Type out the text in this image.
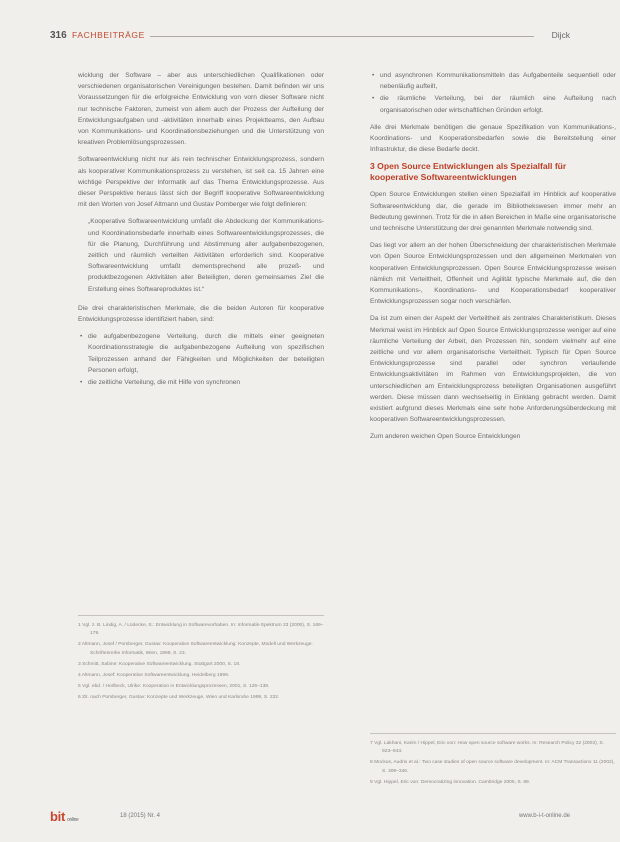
316 FACHBEITRÄGE	Dijck

wicklung der Software – aber aus unterschiedlichen Qualifikationen oder verschiedenen organisatorischen Vereinigungen bestehen. Damit befinden wir uns Voraussetzungen für die erfolgreiche Entwicklung von vorn dieser Software nicht nur technische Faktoren, zumeist von allem auch der Prozess der Aufteilung der Entwicklungsaufgaben und -aktivitäten innerhalb eines Projektteams, den Aufbau von Kommunikations- und Koordinationsbeziehungen und die Unterstützung von kreativen Problemlösungsprozessen.

Softwareentwicklung nicht nur als rein technischer Entwicklungsprozess, sondern als kooperativer Kommunikationsprozess zu verstehen, ist seit ca. 15 Jahren eine wichtige Perspektive der Informatik auf das Thema Entwicklungsprozesse. Aus dieser Perspektive heraus lässt sich der Begriff kooperative Softwareentwicklung mit den Worten von Josef Altmann und Gustav Pomberger wie folgt definieren:

„Kooperative Softwareentwicklung umfaßt die Abdeckung der Kommunikations- und Koordinationsbedarfe innerhalb eines Softwareentwicklungsprozesses, die für die Planung, Durchführung und Abstimmung aller aufgabenbezogenen, zeitlich und räumlich verteilten Aktivitäten erforderlich sind. Kooperative Softwareentwicklung umfaßt dementsprechend alle prozeß- und produktbezogenen Aktivitäten aller Beteiligten, deren gemeinsames Ziel die Erstellung eines Softwareproduktes ist.“

Die drei charakteristischen Merkmale, die die beiden Autoren für kooperative Entwicklungsprozesse identifiziert haben, sind:

• die aufgabenbezogene Verteilung, durch die mittels einer geeigneten Koordinationsstrategie die aufgabenbezogene Aufteilung von spezifischen Teilprozessen anhand der Fähigkeiten und Möglichkeiten der beteiligten Personen erfolgt,
• die zeitliche Verteilung, die mit Hilfe von synchronen
• und asynchronen Kommunikationsmitteln das Aufgabenteile sequentiell oder nebenläufig aufteilt,
• die räumliche Verteilung, bei der räumlich eine Aufteilung nach organisatorischen oder wirtschaftlichen Gründen erfolgt.

Alle drei Merkmale benötigen die genaue Spezifikation von Kommunikations-, Koordinations- und Kooperationsbedarfen sowie die Bereitstellung einer Infrastruktur, die diese Bedarfe deckt.

3 Open Source Entwicklungen als Spezialfall für kooperative Softwareentwicklungen

Open Source Entwicklungen stellen einen Spezialfall im Hinblick auf kooperative Softwareentwicklung dar, die gerade im Bibliothekswesen immer mehr an Bedeutung gewinnen. Trotz für die in allen Bereichen in Maße eine organisatorische und technische Unterstützung der drei genannten Merkmale notwendig sind.

Das liegt vor allem an der hohen Überschneidung der charakteristischen Merkmale von Open Source Entwicklungsprozessen und den allgemeinen Merkmalen von kooperativen Entwicklungsprozessen. Open Source Entwicklungsprozesse weisen nämlich mit Verteiltheit, Offenheit und Agilität typische Merkmale auf, die den Kommunikations-, Koordinations- und Kooperationsbedarf kooperativer Entwicklungsprozessen sogar noch verschärfen.

Da ist zum einen der Aspekt der Verteiltheit als zentrales Charakteristikum. Dieses Merkmal weist im Hinblick auf Open Source Entwicklungsprozesse weniger auf eine räumliche Verteilung der Arbeit, den Prozessen hin, sondern vielmehr auf eine zeitliche und vor allem organisatorische Verteiltheit. Typisch für Open Source Entwicklungsprozesse sind parallel oder synchron verlaufende Entwicklungsaktivitäten im Rahmen von Entwicklungsprojekten, die von unterschiedlichen am Entwicklungsprozess beteiligten Organisationen ausgeführt werden. Diese müssen dann wechselseitig in Einklang gebracht werden. Damit existiert aufgrund dieses Merkmals eine sehr hohe Anforderungsüberdeckung mit kooperativen Softwareentwicklungsprozessen.

Zum anderen weichen Open Source Entwicklungen

1 Vgl. z. B. Lindig, A. / Lüdecke, S.: Entwicklung in Softwarevorhaben. In: Informatik-Spektrum 23 (2000), S. 169–179.
2 Altmann, Josef / Pomberger, Gustav: Kooperative Softwareentwicklung: Konzepte, Modell und Werkzeuge. Schriftenreihe Informatik, Wien, 1999, S. 23.
3 Schmitt, Sabine: Kooperative Softwareentwicklung. Stuttgart 2000, S. 18.
4 Altmann, Josef: Kooperative Softwareentwicklung. Heidelberg 1999.
5 Vgl. ebd. / Horlbeck, Ulrike: Kooperation in Entwicklungsprozessen, 2001, S. 125–138.
6 Zit. nach Pomberger, Gustav: Konzepte und Werkzeuge, Wien und Karlsruhe 1999, S. 232.
7 Vgl. Lakhani, Karim / Hippel, Eric von: How open source software works. In: Research Policy 32 (2003), S. 923–943.
8 Mockus, Audris et al.: Two case studies of open source software development. In: ACM Transactions 11 (2002), S. 309–346.
9 Vgl. Hippel, Eric von: Democratizing innovation. Cambridge 2005, S. 89.
bit online
18 (2015) Nr. 4	www.b-i-t-online.de
